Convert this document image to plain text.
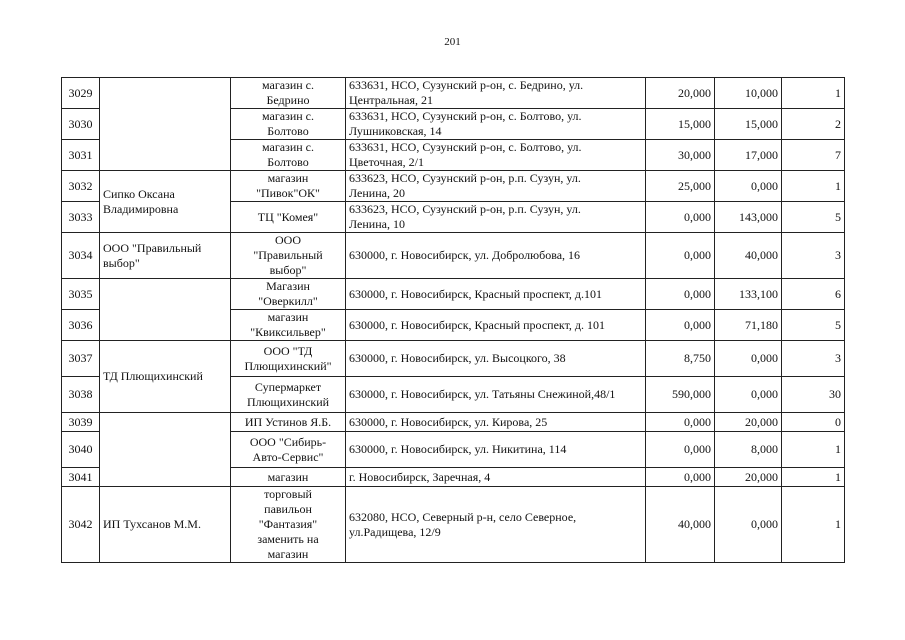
201
3029		магазин с.
Бедрино	633631, НСО, Сузунский р-он, с. Бедрино, ул.
Центральная, 21	20,000	10,000	1
3030		магазин с.
Болтово	633631, НСО, Сузунский р-он, с. Болтово, ул.
Лушниковская, 14	15,000	15,000	2
3031		магазин с.
Болтово	633631, НСО, Сузунский р-он, с. Болтово, ул.
Цветочная, 2/1	30,000	17,000	7
3032	Сипко Оксана
Владимировна	магазин
"Пивок"ОК"	633623, НСО, Сузунский р-он, р.п. Сузун, ул.
Ленина, 20	25,000	0,000	1
3033		ТЦ "Комея"	633623, НСО, Сузунский р-он, р.п. Сузун, ул.
Ленина, 10	0,000	143,000	5
3034	ООО "Правильный
выбор"	ООО
"Правильный
выбор"	630000, г. Новосибирск, ул. Добролюбова, 16	0,000	40,000	3
3035		Магазин
"Оверкилл"	630000, г. Новосибирск, Красный проспект, д.101	0,000	133,100	6
3036		магазин
"Квиксильвер"	630000, г. Новосибирск, Красный проспект, д. 101	0,000	71,180	5
3037	ТД Плющихинский	ООО "ТД
Плющихинский"	630000, г. Новосибирск, ул. Высоцкого, 38	8,750	0,000	3
3038		Супермаркет
Плющихинский	630000, г. Новосибирск, ул. Татьяны Снежиной,48/1	590,000	0,000	30
3039		ИП Устинов Я.Б.	630000, г. Новосибирск, ул. Кирова, 25	0,000	20,000	0
3040		ООО "Сибирь-
Авто-Сервис"	630000, г. Новосибирск, ул. Никитина, 114	0,000	8,000	1
3041		магазин	г. Новосибирск, Заречная, 4	0,000	20,000	1
3042	ИП Тухсанов М.М.	торговый
павильон
"Фантазия"
заменить на
магазин	632080, НСО, Северный р-н, село Северное,
ул.Радищева, 12/9	40,000	0,000	1
